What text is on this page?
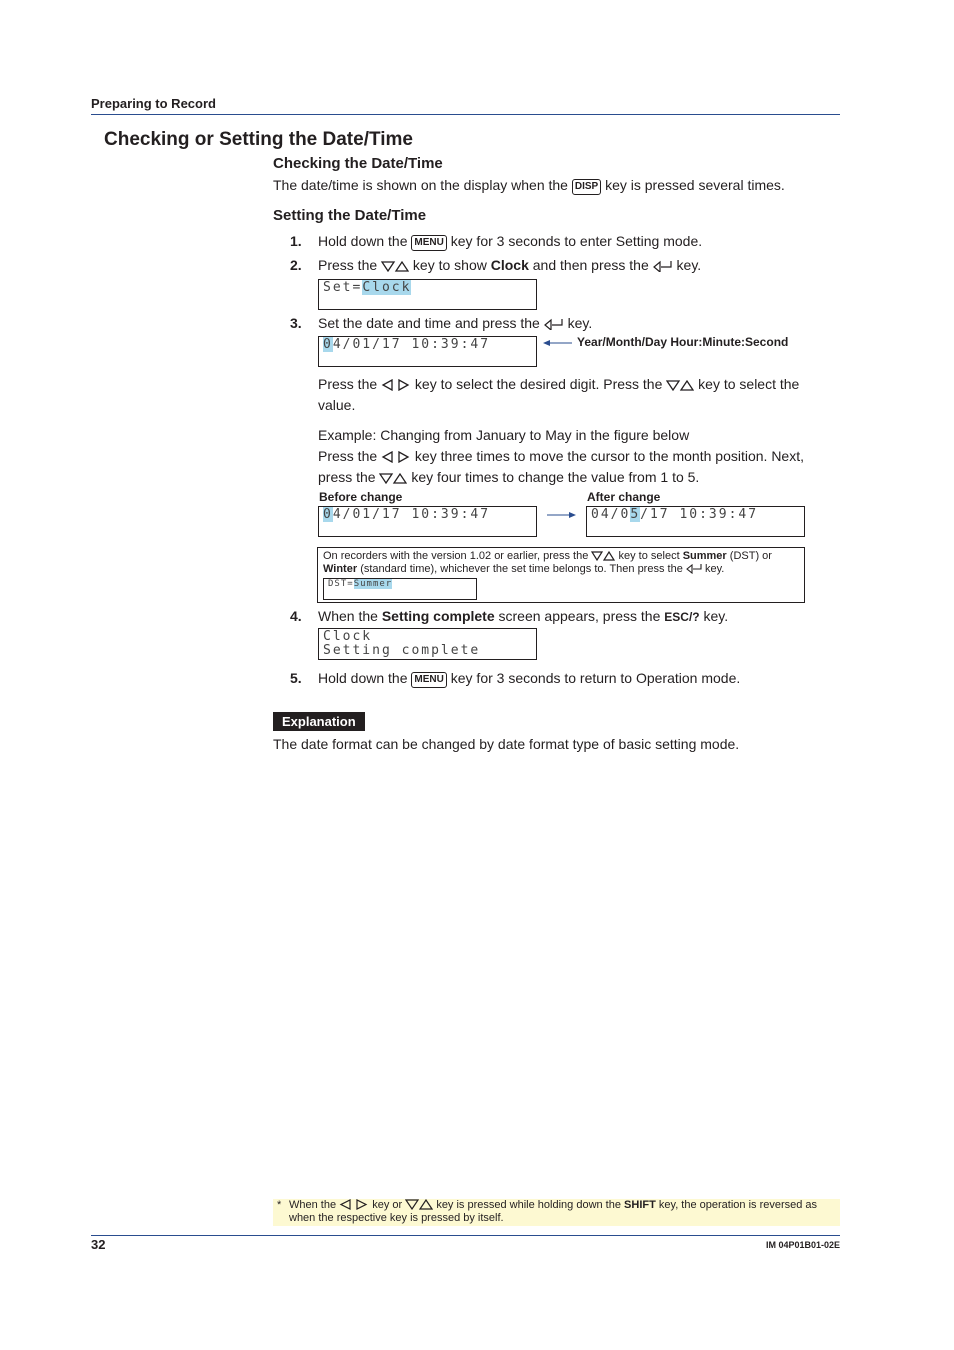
Preparing to Record
Checking or Setting the Date/Time
Checking the Date/Time
The date/time is shown on the display when the DISP key is pressed several times.
Setting the Date/Time
1. Hold down the MENU key for 3 seconds to enter Setting mode.
2. Press the	key to show Clock and then press the key.
Set=Clock
3. Set the date and time and press the key.
04/01/17 10:39:47	Year/Month/Day Hour:Minute:Second
Press the	key to select the desired digit. Press the	key to select the
value.
Example: Changing from January to May in the figure below
Press the	key three times to move the cursor to the month position. Next,
press the	key four times to change the value from 1 to 5.
Before change	After change
04/01/17 10:39:47	04/05/17 10:39:47
On recorders with the version 1.02 or earlier, press the	key to select Summer (DST) or
Winter (standard time), whichever the set time belongs to. Then press the key.
DST=Summer
4. When the Setting complete screen appears, press the ESC/? key.
Clock
Setting complete
5. Hold down the MENU key for 3 seconds to return to Operation mode.
Explanation
The date format can be changed by date format type of basic setting mode.
* When the	key or	key is pressed while holding down the SHIFT key, the operation is reversed as
when the respective key is pressed by itself.
32	IM 04P01B01-02E
